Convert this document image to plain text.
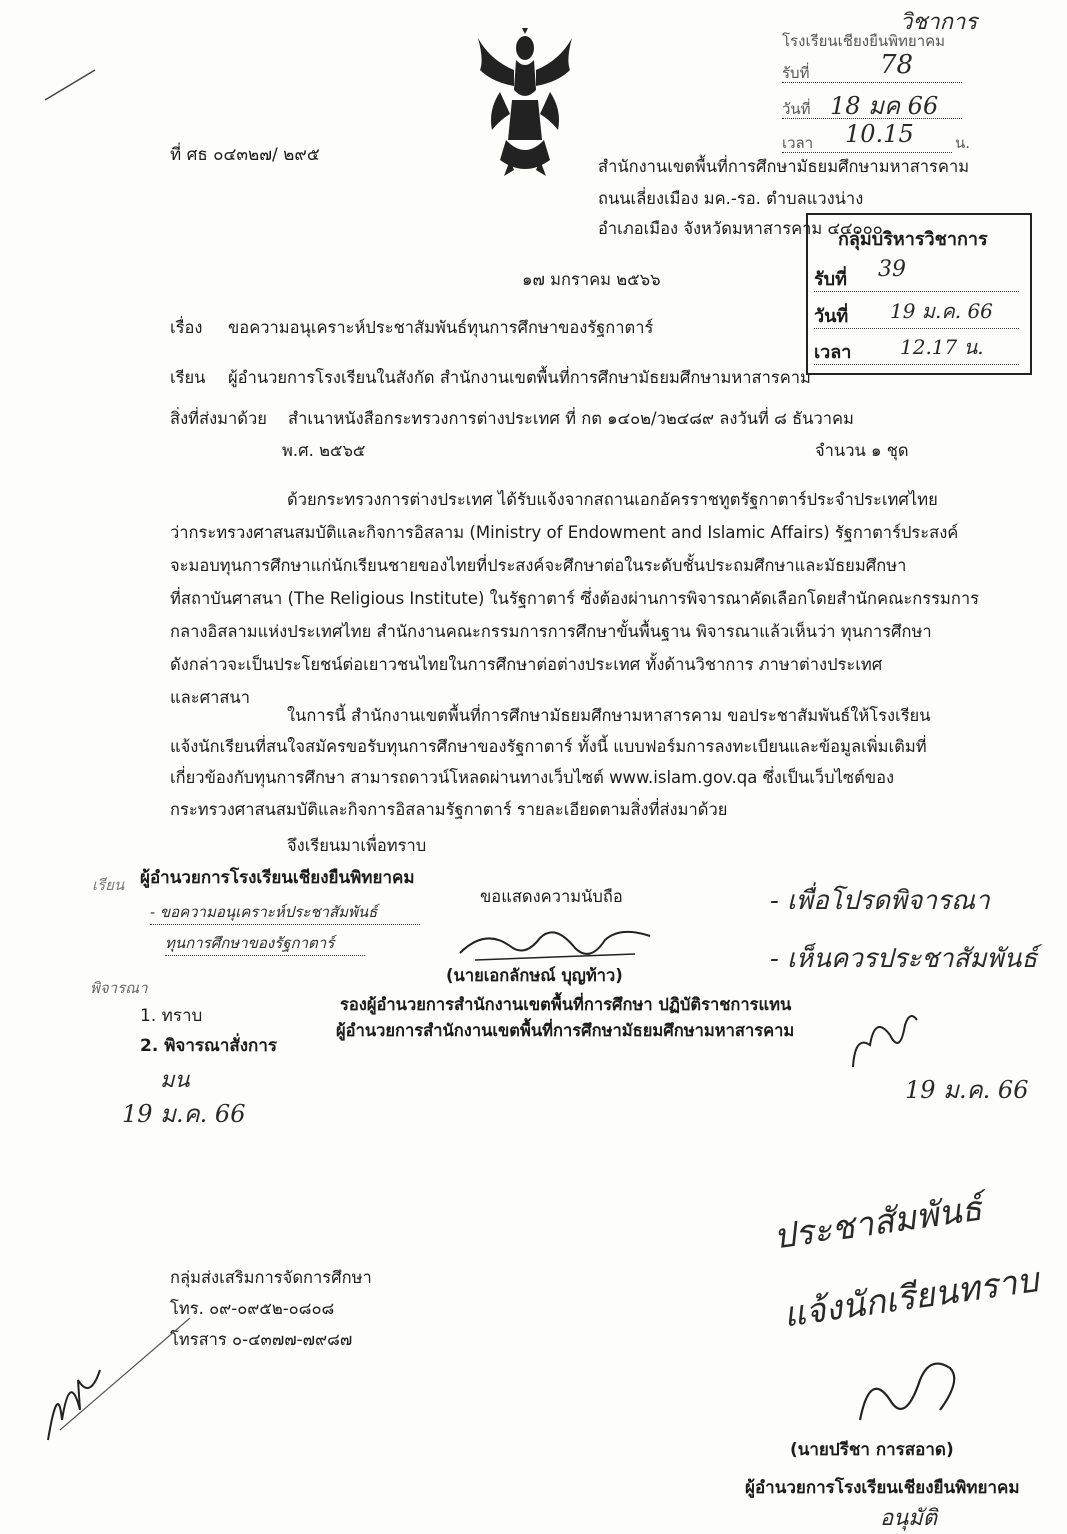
ที่ ศธ ๐๔๓๒๗/ ๒๙๕
สำนักงานเขตพื้นที่การศึกษามัธยมศึกษามหาสารคาม
ถนนเลี่ยงเมือง มค.-รอ. ตำบลแวงน่าง
อำเภอเมือง จังหวัดมหาสารคาม ๔๔๐๐๐
วิชาการ
โรงเรียนเชียงยืนพิทยาคม
รับที่	78
วันที่ 18 มค 66
เวลา	10.15	น.
กลุ่มบริหารวิชาการ
รับที่	39
วันที่	19 ม.ค. 66
เวลา	12.17 น.
๑๗ มกราคม ๒๕๖๖
เรื่อง ขอความอนุเคราะห์ประชาสัมพันธ์ทุนการศึกษาของรัฐกาตาร์
เรียน ผู้อำนวยการโรงเรียนในสังกัด สำนักงานเขตพื้นที่การศึกษามัธยมศึกษามหาสารคาม
สิ่งที่ส่งมาด้วย สำเนาหนังสือกระทรวงการต่างประเทศ ที่ กต ๑๔๐๒/ว๒๔๘๙ ลงวันที่ ๘ ธันวาคม
พ.ศ. ๒๕๖๕	จำนวน ๑ ชุด
ด้วยกระทรวงการต่างประเทศ ได้รับแจ้งจากสถานเอกอัครราชทูตรัฐกาตาร์ประจำประเทศไทย
ว่ากระทรวงศาสนสมบัติและกิจการอิสลาม (Ministry of Endowment and Islamic Affairs) รัฐกาตาร์ประสงค์
จะมอบทุนการศึกษาแก่นักเรียนชายของไทยที่ประสงค์จะศึกษาต่อในระดับชั้นประถมศึกษาและมัธยมศึกษา
ที่สถาบันศาสนา (The Religious Institute) ในรัฐกาตาร์ ซึ่งต้องผ่านการพิจารณาคัดเลือกโดยสำนักคณะกรรมการ
กลางอิสลามแห่งประเทศไทย สำนักงานคณะกรรมการการศึกษาขั้นพื้นฐาน พิจารณาแล้วเห็นว่า ทุนการศึกษา
ดังกล่าวจะเป็นประโยชน์ต่อเยาวชนไทยในการศึกษาต่อต่างประเทศ ทั้งด้านวิชาการ ภาษาต่างประเทศ
และศาสนา
ในการนี้ สำนักงานเขตพื้นที่การศึกษามัธยมศึกษามหาสารคาม ขอประชาสัมพันธ์ให้โรงเรียน
แจ้งนักเรียนที่สนใจสมัครขอรับทุนการศึกษาของรัฐกาตาร์ ทั้งนี้ แบบฟอร์มการลงทะเบียนและข้อมูลเพิ่มเติมที่
เกี่ยวข้องกับทุนการศึกษา สามารถดาวน์โหลดผ่านทางเว็บไซต์ www.islam.gov.qa ซึ่งเป็นเว็บไซต์ของ
กระทรวงศาสนสมบัติและกิจการอิสลามรัฐกาตาร์ รายละเอียดตามสิ่งที่ส่งมาด้วย
จึงเรียนมาเพื่อทราบ
เรียน ผู้อำนวยการโรงเรียนเชียงยืนพิทยาคม
- ขอความอนุเคราะห์ประชาสัมพันธ์
ทุนการศึกษาของรัฐกาตาร์
พิจารณา
1. ทราบ
2. พิจารณาสั่งการ
มน
19 ม.ค. 66
ขอแสดงความนับถือ
(นายเอกลักษณ์ บุญท้าว)
รองผู้อำนวยการสำนักงานเขตพื้นที่การศึกษา ปฏิบัติราชการแทน
ผู้อำนวยการสำนักงานเขตพื้นที่การศึกษามัธยมศึกษามหาสารคาม
- เพื่อโปรดพิจารณา
- เห็นควรประชาสัมพันธ์
19 ม.ค. 66
ประชาสัมพันธ์
แจ้งนักเรียนทราบ
(นายปรีชา การสอาด)
ผู้อำนวยการโรงเรียนเชียงยืนพิทยาคม
อนุมัติ
กลุ่มส่งเสริมการจัดการศึกษา
โทร. ๐๙-๐๙๕๒-๐๘๐๘
โทรสาร ๐-๔๓๗๗-๗๙๘๗
